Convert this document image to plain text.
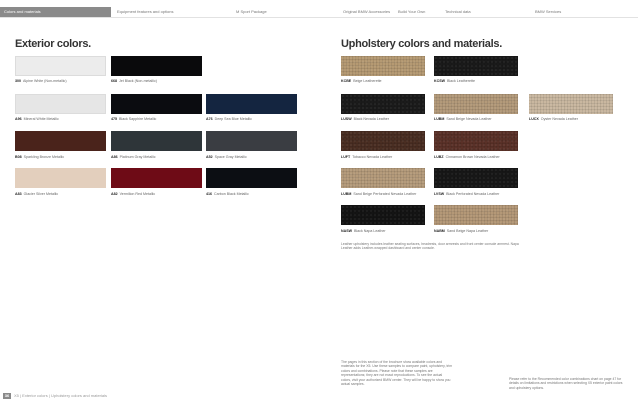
Colors and materials	Equipment features and options	M Sport Package	Original BMW Accessories Build Your Own	Technical data	BMW Services
Exterior colors.	Upholstery colors and materials.
300 Alpine White (Non-metallic)	668 Jet Black (Non-metallic)
A96 Mineral White Metallic	475 Black Sapphire Metallic	A76 Deep Sea Blue Metallic
B08 Sparkling Bronze Metallic	A86 Platinum Gray Metallic	A52 Space Gray Metallic
A83 Glacier Silver Metallic	A82 Vermilion Red Metallic	416 Carbon Black Metallic
KCBE Beige Leatherette	KCSW Black Leatherette
LUSW Black Nevada Leather	LUBM Sand Beige Nevada Leather	LUCX Oyster Nevada Leather
LUFT Tobacco Nevada Leather	LUBZ Cinnamon Brown Nevada Leather
LUBM Sand Beige Perforated Nevada Leather	LVSW Black Perforated Nevada Leather
NASW Black Napa Leather	NABM Sand Beige Napa Leather
Leather upholstery includes leather seating surfaces, headrests, door armrests and front center console armrest. Napa Leather adds Leather-wrapped dashboard and center console.
The pages in this section of the brochure show available colors and materials for the X5. Use these samples to compare paint, upholstery, trim colors and combinations. Please note that these samples are representations; they are not exact reproductions. To see the actual colors, visit your authorized BMW center. They will be happy to show you actual samples.
Please refer to the Recommended color combinations chart on page 47 for details on limitations and restrictions when selecting X5 exterior paint colors and upholstery options.
36	X5 | Exterior colors | Upholstery colors and materials
